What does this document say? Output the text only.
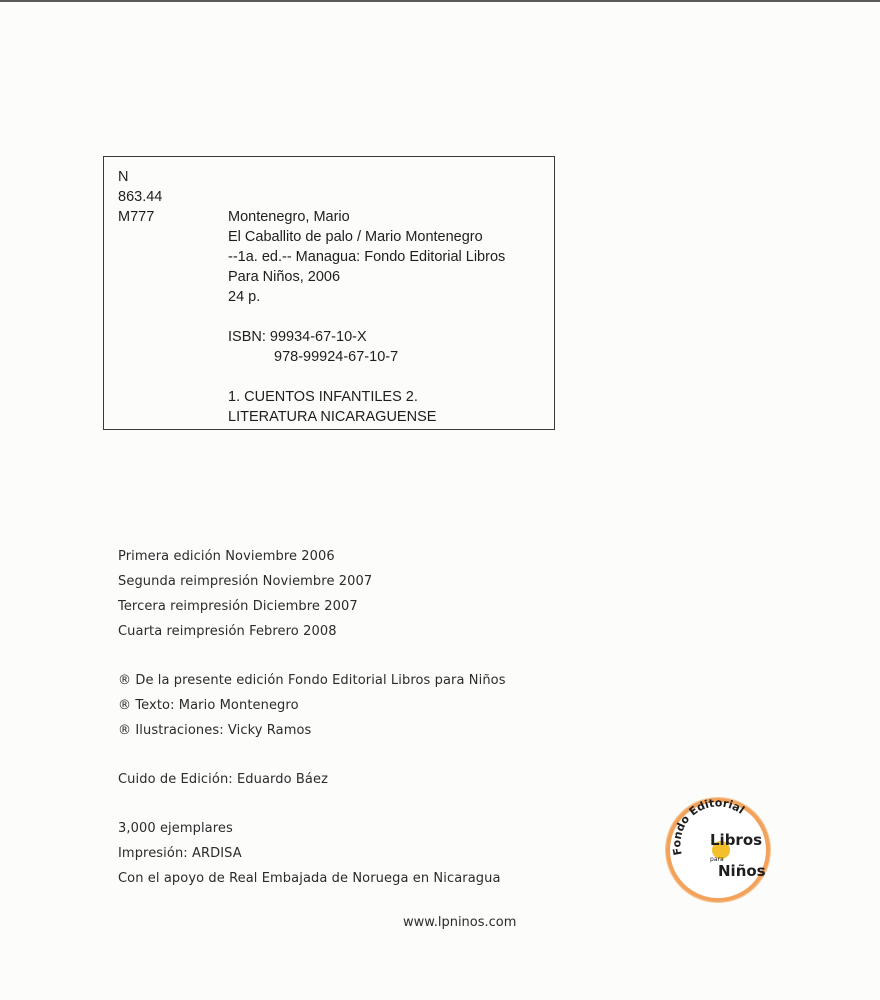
N
863.44
M777	Montenegro, Mario
El Caballito de palo / Mario Montenegro
--1a. ed.-- Managua: Fondo Editorial Libros
Para Niños, 2006
24 p.
ISBN: 99934-67-10-X
978-99924-67-10-7
1. CUENTOS INFANTILES 2.
LITERATURA NICARAGUENSE
Primera edición Noviembre 2006
Segunda reimpresión Noviembre 2007
Tercera reimpresión Diciembre 2007
Cuarta reimpresión Febrero 2008
® De la presente edición Fondo Editorial Libros para Niños
® Texto: Mario Montenegro
® Ilustraciones: Vicky Ramos
Cuido de Edición: Eduardo Báez
3,000 ejemplares
Impresión: ARDISA
Con el apoyo de Real Embajada de Noruega en Nicaragua
www.lpninos.com
Fondo Editorial
Libros
para
Niños
